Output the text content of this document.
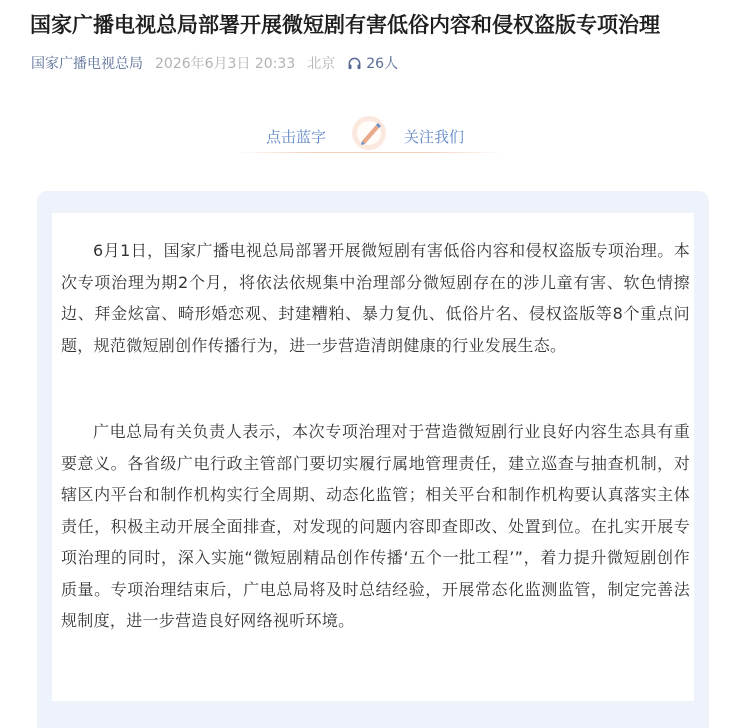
国家广播电视总局部署开展微短剧有害低俗内容和侵权盗版专项治理
国家广播电视总局 2026年6月3日 20:33 北京 26人
点击蓝字	关注我们

6月1日，国家广播电视总局部署开展微短剧有害低俗内容和侵权盗版专项治理。本次专项治理为期2个月，将依法依规集中治理部分微短剧存在的涉儿童有害、软色情擦边、拜金炫富、畸形婚恋观、封建糟粕、暴力复仇、低俗片名、侵权盗版等8个重点问题，规范微短剧创作传播行为，进一步营造清朗健康的行业发展生态。

广电总局有关负责人表示，本次专项治理对于营造微短剧行业良好内容生态具有重要意义。各省级广电行政主管部门要切实履行属地管理责任，建立巡查与抽查机制，对辖区内平台和制作机构实行全周期、动态化监管；相关平台和制作机构要认真落实主体责任，积极主动开展全面排查，对发现的问题内容即查即改、处置到位。在扎实开展专项治理的同时，深入实施“微短剧精品创作传播‘五个一批工程’”，着力提升微短剧创作质量。专项治理结束后，广电总局将及时总结经验，开展常态化监测监管，制定完善法规制度，进一步营造良好网络视听环境。
